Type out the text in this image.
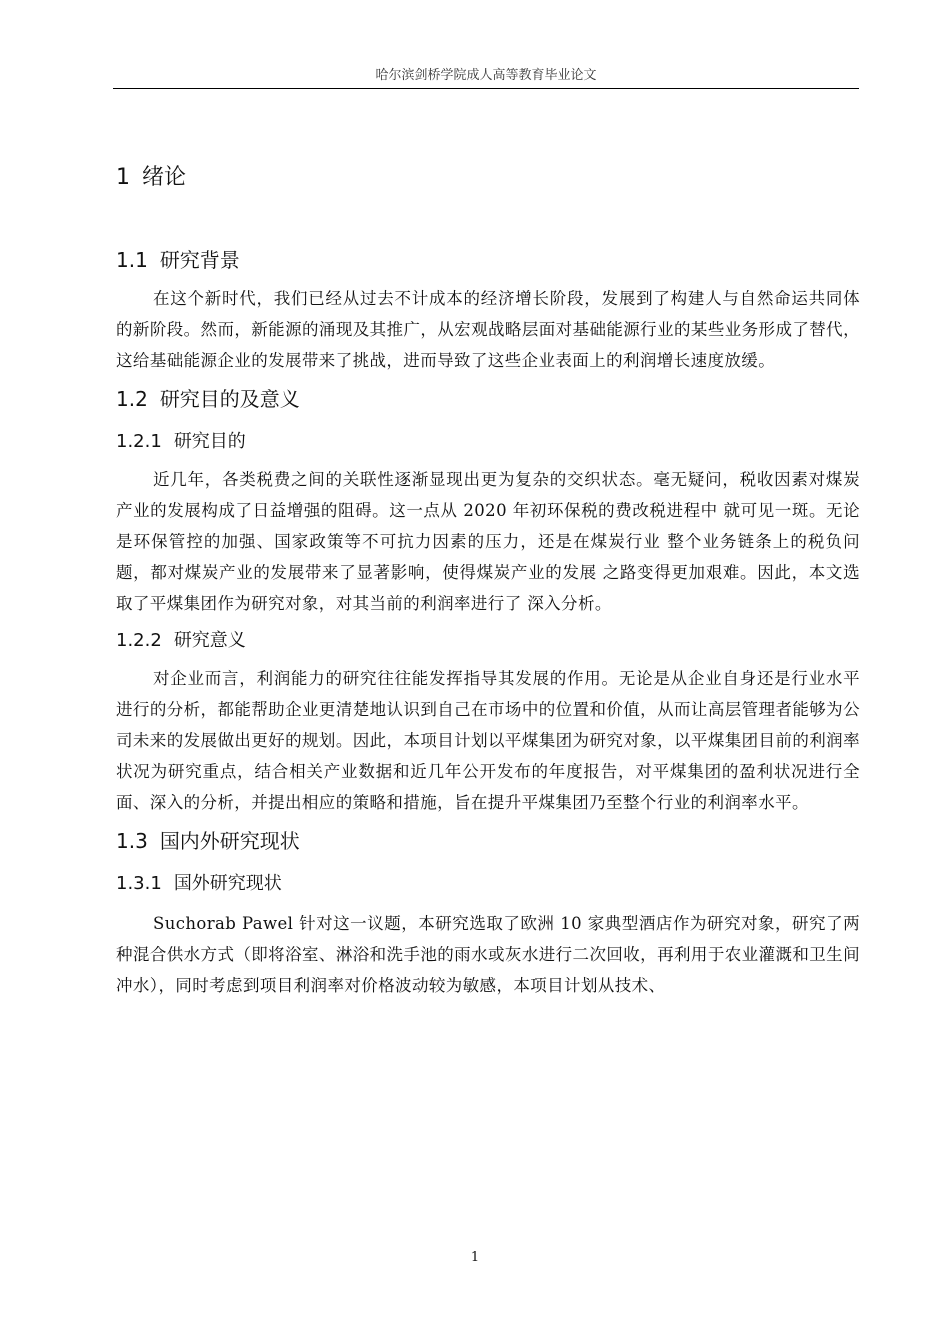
哈尔滨剑桥学院成人高等教育毕业论文
1 绪论
1.1 研究背景

在这个新时代，我们已经从过去不计成本的经济增长阶段，发展到了构建人与自然命运共同体的新阶段。然而，新能源的涌现及其推广，从宏观战略层面对基础能源行业的某些业务形成了替代，这给基础能源企业的发展带来了挑战，进而导致了这些企业表面上的利润增长速度放缓。

1.2 研究目的及意义
1.2.1 研究目的

近几年，各类税费之间的关联性逐渐显现出更为复杂的交织状态。毫无疑问，税收因素对煤炭产业的发展构成了日益增强的阻碍。这一点从 2020 年初环保税的费改税进程中 就可见一斑。无论是环保管控的加强、国家政策等不可抗力因素的压力，还是在煤炭行业 整个业务链条上的税负问题，都对煤炭产业的发展带来了显著影响，使得煤炭产业的发展 之路变得更加艰难。因此，本文选取了平煤集团作为研究对象，对其当前的利润率进行了 深入分析。

1.2.2 研究意义

对企业而言，利润能力的研究往往能发挥指导其发展的作用。无论是从企业自身还是行业水平进行的分析，都能帮助企业更清楚地认识到自己在市场中的位置和价值，从而让高层管理者能够为公司未来的发展做出更好的规划。因此，本项目计划以平煤集团为研究对象，以平煤集团目前的利润率状况为研究重点，结合相关产业数据和近几年公开发布的年度报告，对平煤集团的盈利状况进行全面、深入的分析，并提出相应的策略和措施，旨在提升平煤集团乃至整个行业的利润率水平。

1.3 国内外研究现状
1.3.1 国外研究现状

Suchorab Pawel 针对这一议题，本研究选取了欧洲 10 家典型酒店作为研究对象，研究了两种混合供水方式（即将浴室、淋浴和洗手池的雨水或灰水进行二次回收，再利用于农业灌溉和卫生间冲水），同时考虑到项目利润率对价格波动较为敏感，本项目计划从技术、

1
